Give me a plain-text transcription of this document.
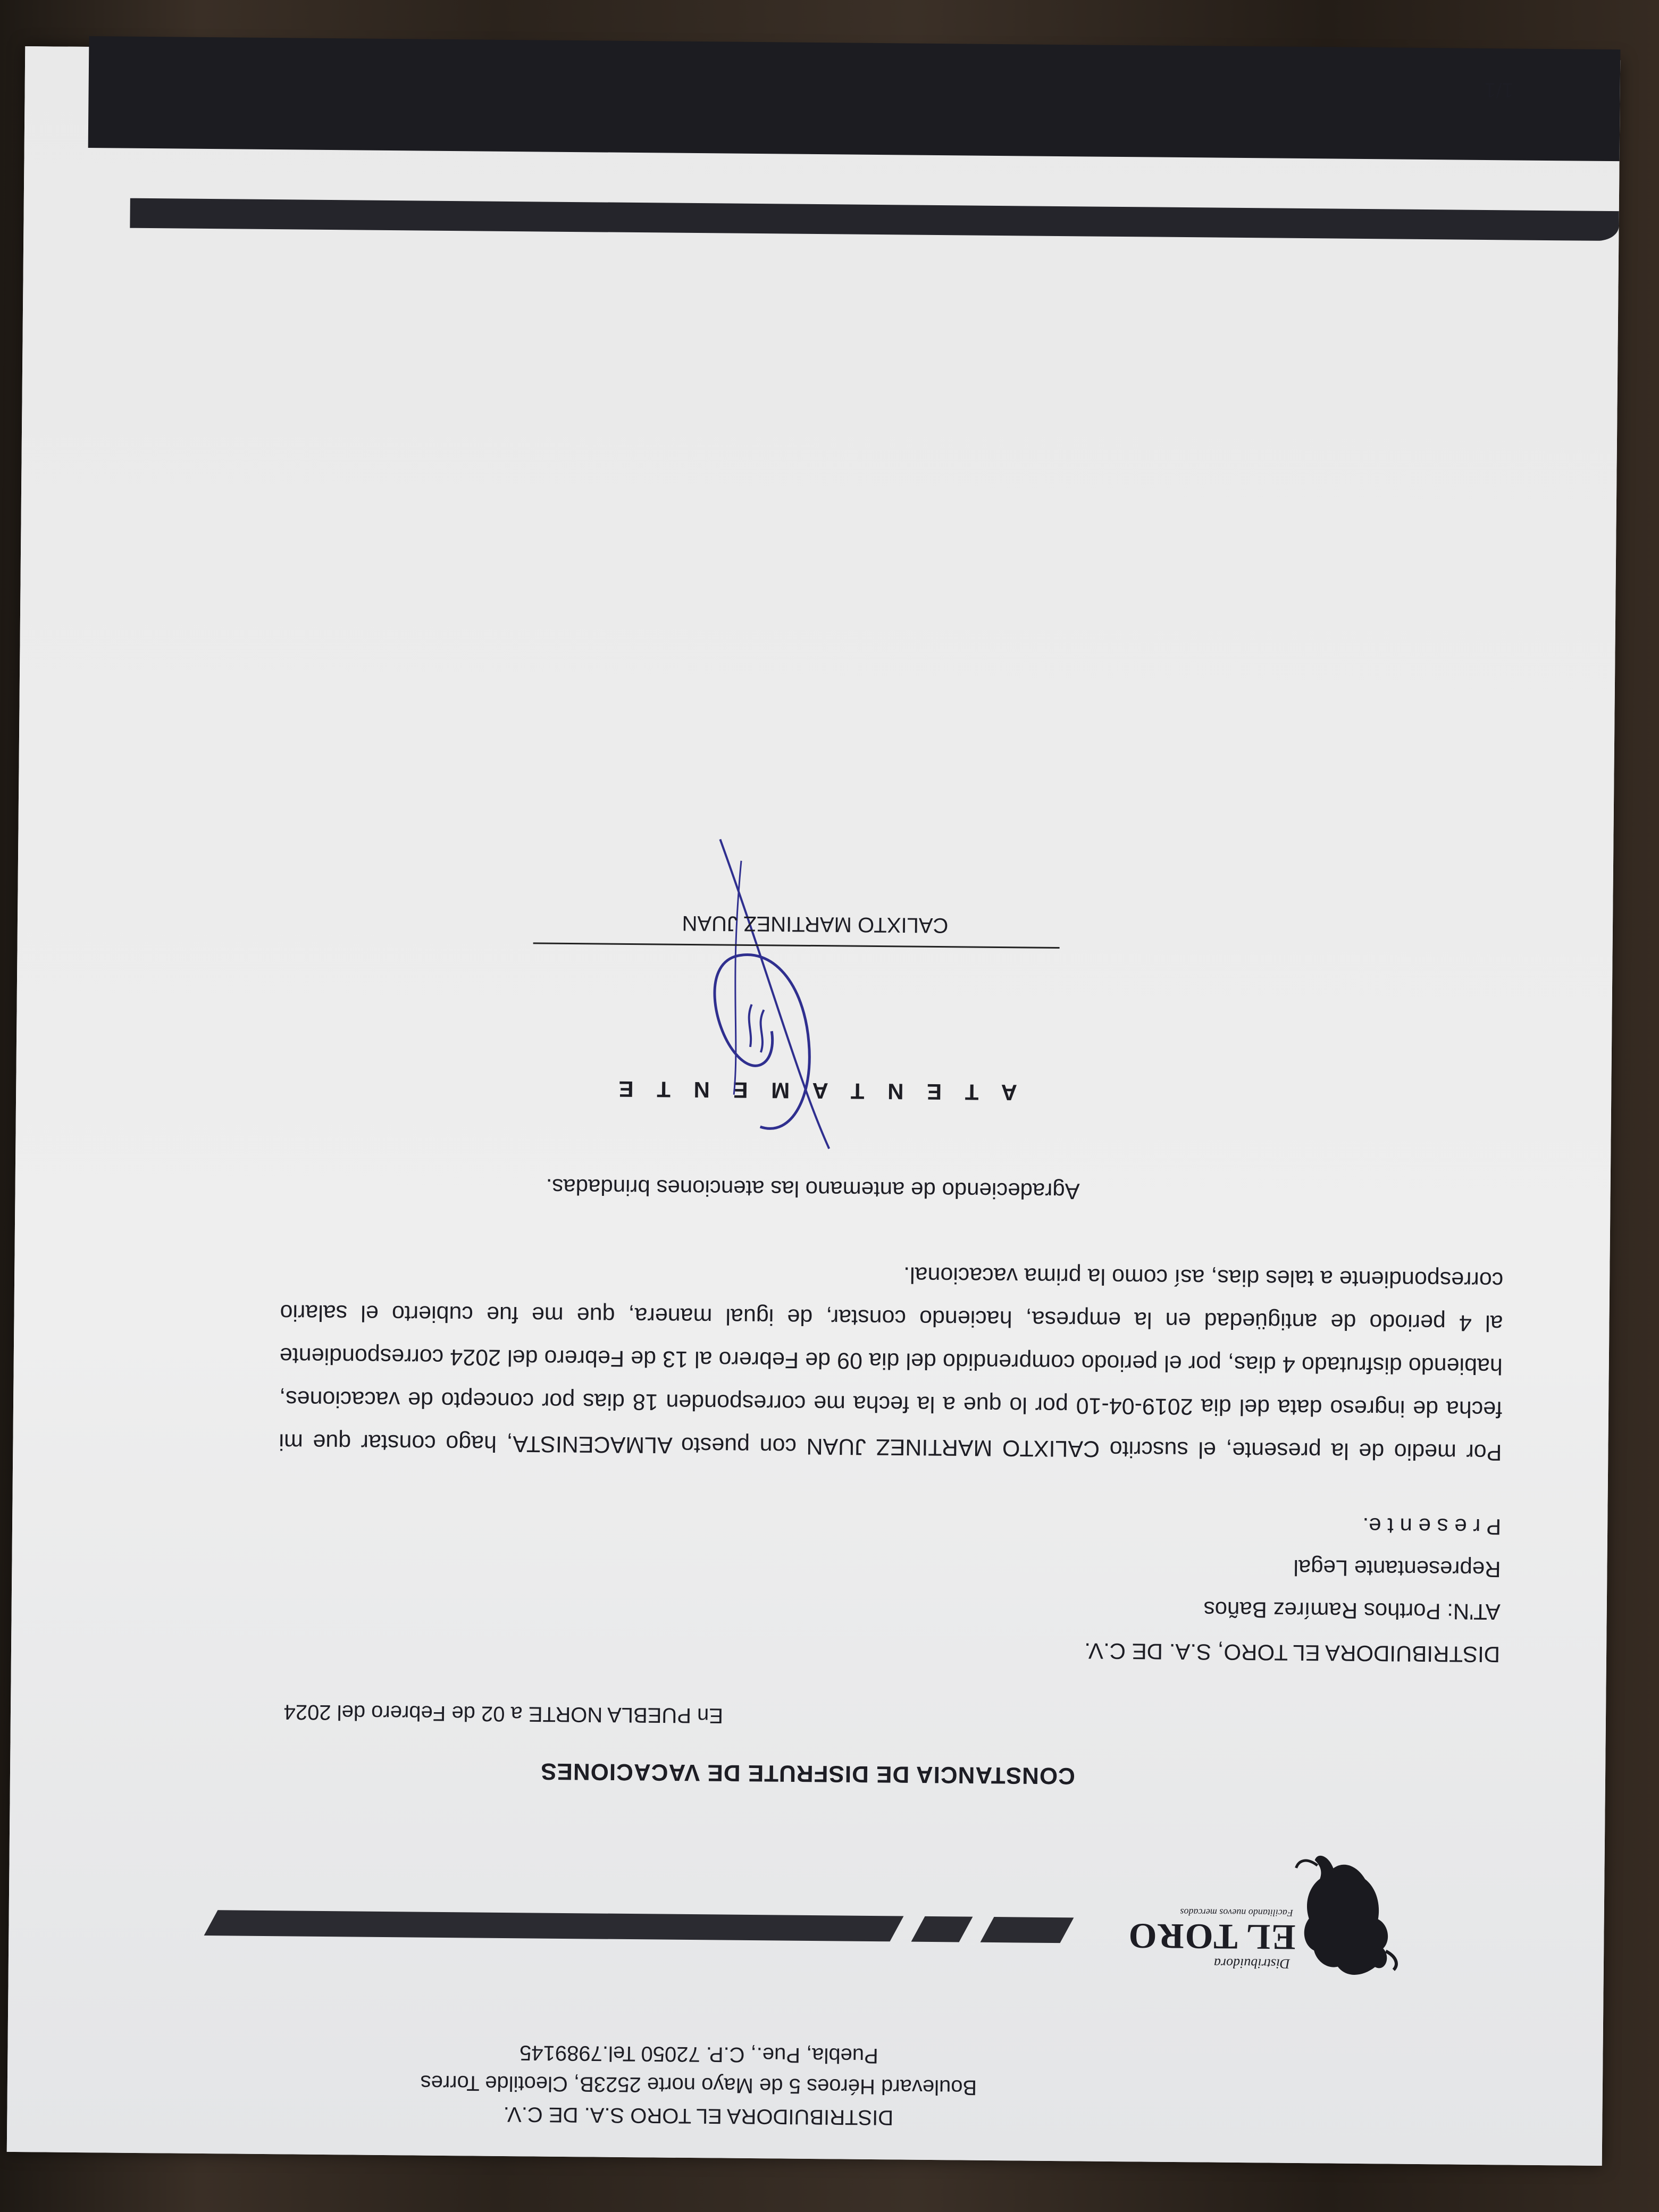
DISTRIBUIDORA EL TORO S.A. DE C.V.
Boulevard Héroes 5 de Mayo norte 2523B, Cleotilde Torres
Puebla, Pue., C.P. 72050 Tel.7989145
Distribuidora
EL TORO
Facilitando nuevos mercados
CONSTANCIA DE DISFRUTE DE VACACIONES
En PUEBLA NORTE a 02 de Febrero del 2024
DISTRIBUIDORA EL TORO, S.A. DE C.V.
AT'N: Porthos Ramírez Baños
Representante Legal
P r e s e n t e.
Por medio de la presente, el suscrito CALIXTO MARTINEZ JUAN con puesto ALMACENISTA, hago constar que mi fecha de ingreso data del dia 2019-04-10 por lo que a la fecha me corresponden 18 dias por concepto de vacaciones, habiendo disfrutado 4 dias, por el periodo comprendido del dia 09 de Febrero al 13 de Febrero del 2024 correspondiente al 4 periodo de antigüedad en la empresa, haciendo constar, de igual manera, que me fue cubierto el salario correspondiente a tales dias, así como la prima vacacional.
Agradeciendo de antemano las atenciones brindadas.
A T E N T A M E N T E
CALIXTO MARTINEZ JUAN
1/1
